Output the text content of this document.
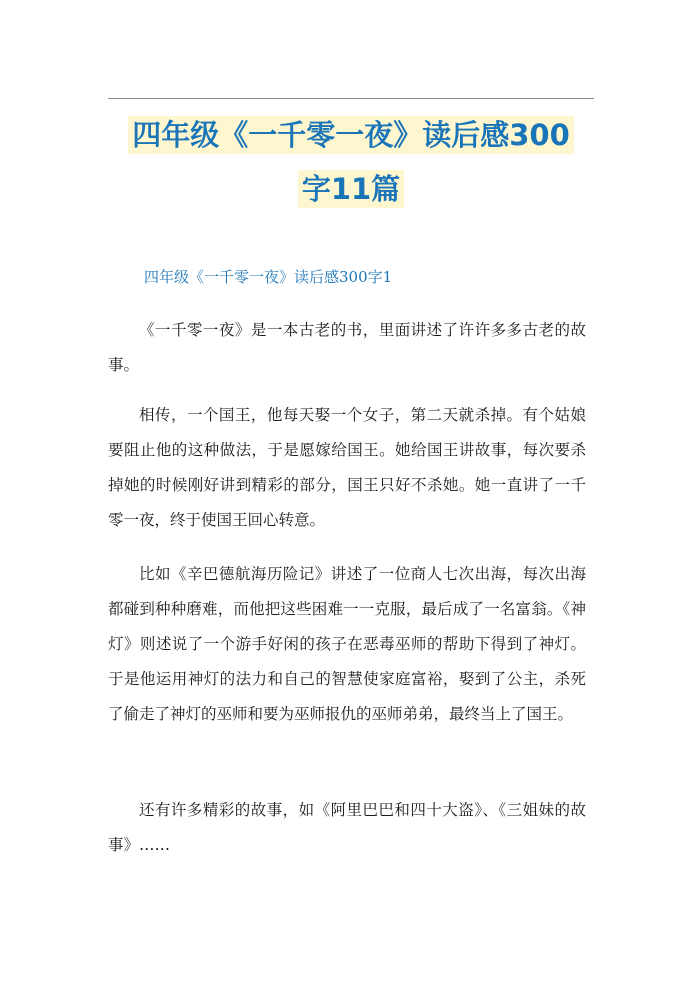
四年级《一千零一夜》读后感300
字11篇
四年级《一千零一夜》读后感300字1

《一千零一夜》是一本古老的书，里面讲述了许许多多古老的故事。

相传，一个国王，他每天娶一个女子，第二天就杀掉。有个姑娘要阻止他的这种做法，于是愿嫁给国王。她给国王讲故事，每次要杀掉她的时候刚好讲到精彩的部分，国王只好不杀她。她一直讲了一千零一夜，终于使国王回心转意。

比如《辛巴德航海历险记》讲述了一位商人七次出海，每次出海都碰到种种磨难，而他把这些困难一一克服，最后成了一名富翁。《神灯》则述说了一个游手好闲的孩子在恶毒巫师的帮助下得到了神灯。于是他运用神灯的法力和自己的智慧使家庭富裕，娶到了公主，杀死了偷走了神灯的巫师和要为巫师报仇的巫师弟弟，最终当上了国王。

还有许多精彩的故事，如《阿里巴巴和四十大盗》、《三姐妹的故事》……
